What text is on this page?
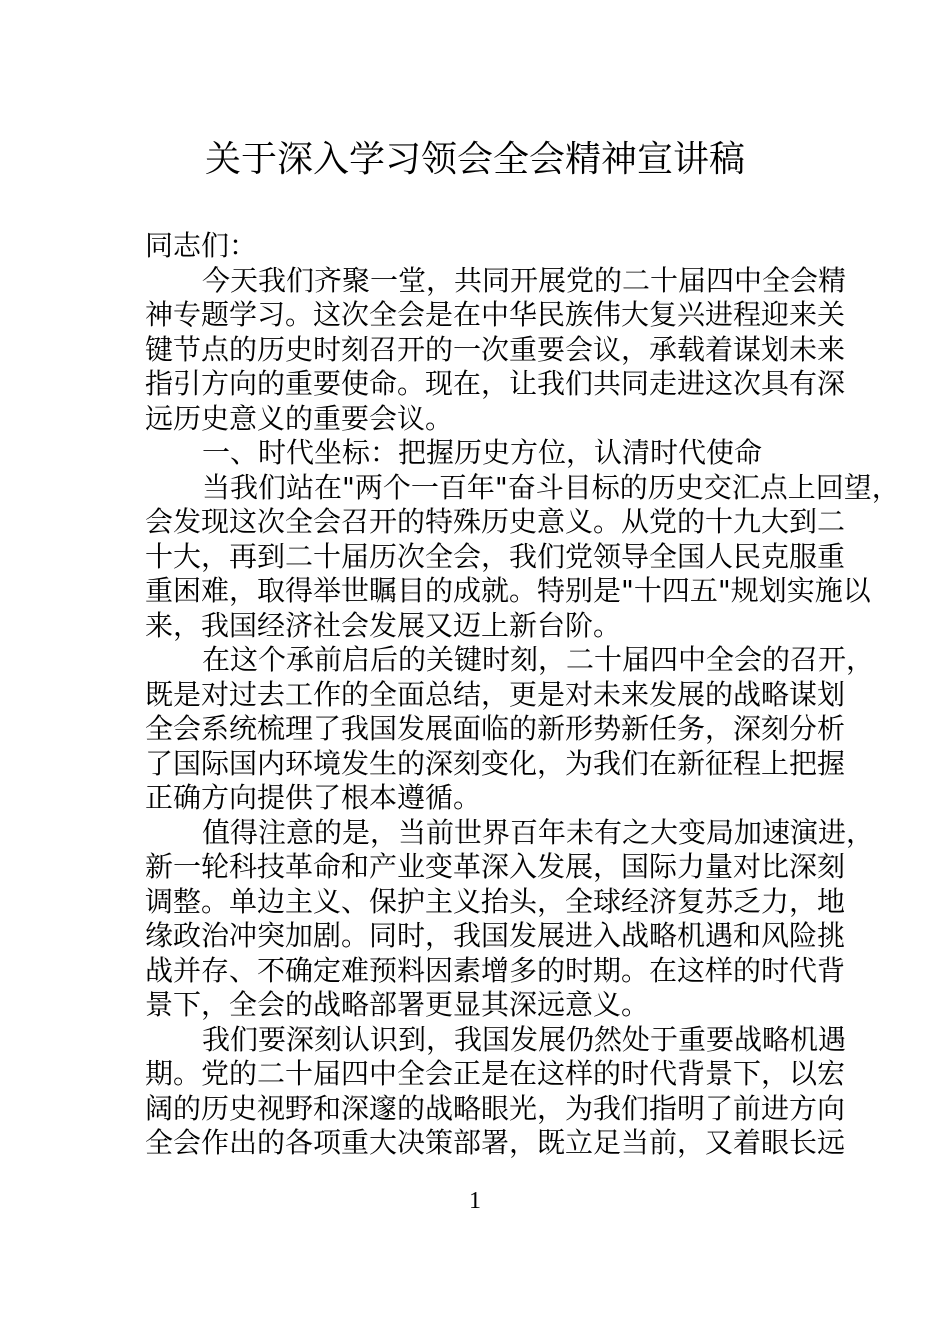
关于深入学习领会全会精神宣讲稿
同志们：
今天我们齐聚一堂，共同开展党的二十届四中全会精
神专题学习。这次全会是在中华民族伟大复兴进程迎来关
键节点的历史时刻召开的一次重要会议，承载着谋划未来
指引方向的重要使命。现在，让我们共同走进这次具有深
远历史意义的重要会议。
一、时代坐标：把握历史方位，认清时代使命
当我们站在"两个一百年"奋斗目标的历史交汇点上回望，
会发现这次全会召开的特殊历史意义。从党的十九大到二
十大，再到二十届历次全会，我们党领导全国人民克服重
重困难，取得举世瞩目的成就。特别是"十四五"规划实施以
来，我国经济社会发展又迈上新台阶。
在这个承前启后的关键时刻，二十届四中全会的召开，
既是对过去工作的全面总结，更是对未来发展的战略谋划
全会系统梳理了我国发展面临的新形势新任务，深刻分析
了国际国内环境发生的深刻变化，为我们在新征程上把握
正确方向提供了根本遵循。
值得注意的是，当前世界百年未有之大变局加速演进，
新一轮科技革命和产业变革深入发展，国际力量对比深刻
调整。单边主义、保护主义抬头，全球经济复苏乏力，地
缘政治冲突加剧。同时，我国发展进入战略机遇和风险挑
战并存、不确定难预料因素增多的时期。在这样的时代背
景下，全会的战略部署更显其深远意义。
我们要深刻认识到，我国发展仍然处于重要战略机遇
期。党的二十届四中全会正是在这样的时代背景下，以宏
阔的历史视野和深邃的战略眼光，为我们指明了前进方向
全会作出的各项重大决策部署，既立足当前，又着眼长远
1
